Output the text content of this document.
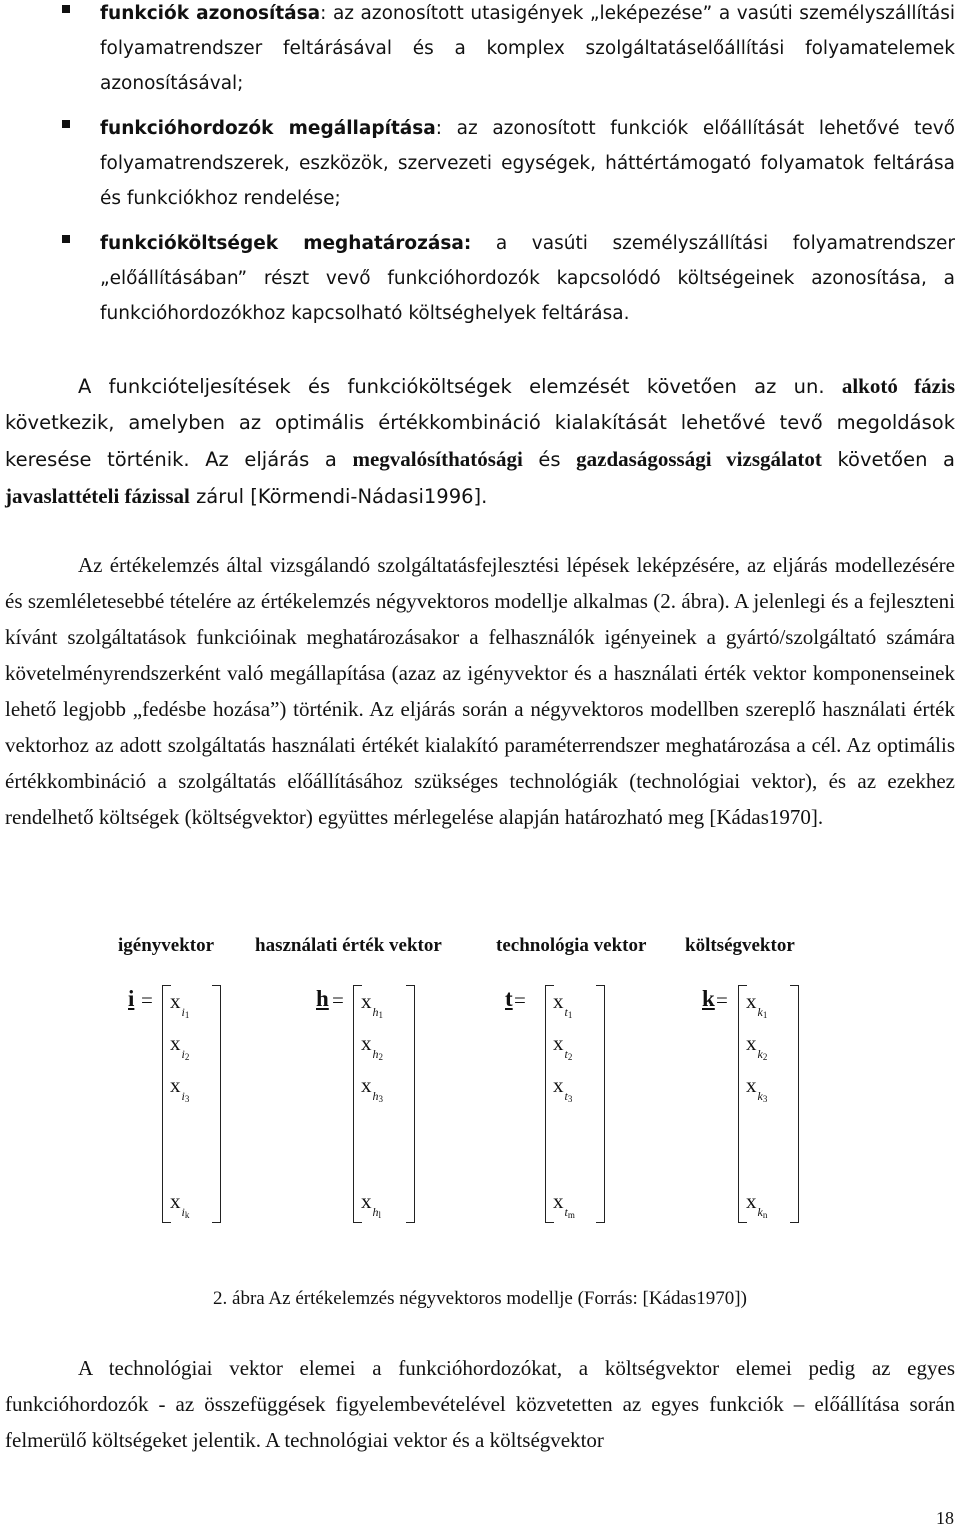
funkciók azonosítása: az azonosított utasigények „leképezése” a vasúti személyszállítási folyamatrendszer feltárásával és a komplex szolgáltatáselőállítási folyamatelemek azonosításával;
funkcióhordozók megállapítása: az azonosított funkciók előállítását lehetővé tevő folyamatrendszerek, eszközök, szervezeti egységek, háttértámogató folyamatok feltárása és funkciókhoz rendelése;
funkcióköltségek meghatározása: a vasúti személyszállítási folyamatrendszer „előállításában” részt vevő funkcióhordozók kapcsolódó költségeinek azonosítása, a funkcióhordozókhoz kapcsolható költséghelyek feltárása.
A funkcióteljesítések és funkcióköltségek elemzését követően az un. alkotó fázis következik, amelyben az optimális értékkombináció kialakítását lehetővé tevő megoldások keresése történik. Az eljárás a megvalósíthatósági és gazdaságossági vizsgálatot követően a javaslattételi fázissal zárul [Körmendi-Nádasi1996].
Az értékelemzés által vizsgálandó szolgáltatásfejlesztési lépések leképzésére, az eljárás modellezésére és szemléletesebbé tételére az értékelemzés négyvektoros modellje alkalmas (2. ábra). A jelenlegi és a fejleszteni kívánt szolgáltatások funkcióinak meghatározásakor a felhasználók igényeinek a gyártó/szolgáltató számára követelményrendszerként való megállapítása (azaz az igényvektor és a használati érték vektor komponenseinek lehető legjobb „fedésbe hozása”) történik. Az eljárás során a négyvektoros modellben szereplő használati érték vektorhoz az adott szolgáltatás használati értékét kialakító paraméterrendszer meghatározása a cél. Az optimális értékkombináció a szolgáltatás előállításához szükséges technológiák (technológiai vektor), és az ezekhez rendelhető költségek (költségvektor) együttes mérlegelése alapján határozható meg [Kádas1970].
igényvektor használati érték vektor	technológia vektor költségvektor
$i = x_{i1}$
$x_{i2}$
$x_{i3}$
$x_{ik}$
$h = x_{h1}$
$x_{h2}$
$x_{h3}$
$x_{hl}$
$t = x_{t1}$
$x_{t2}$
$x_{t3}$
$x_{tm}$
$k = x_{k1}$
$x_{k2}$
$x_{k3}$
$x_{kn}$
2. ábra Az értékelemzés négyvektoros modellje (Forrás: [Kádas1970])
A technológiai vektor elemei a funkcióhordozókat, a költségvektor elemei pedig az egyes funkcióhordozók - az összefüggések figyelembevételével közvetetten az egyes funkciók – előállítása során felmerülő költségeket jelentik. A technológiai vektor és a költségvektor
18
